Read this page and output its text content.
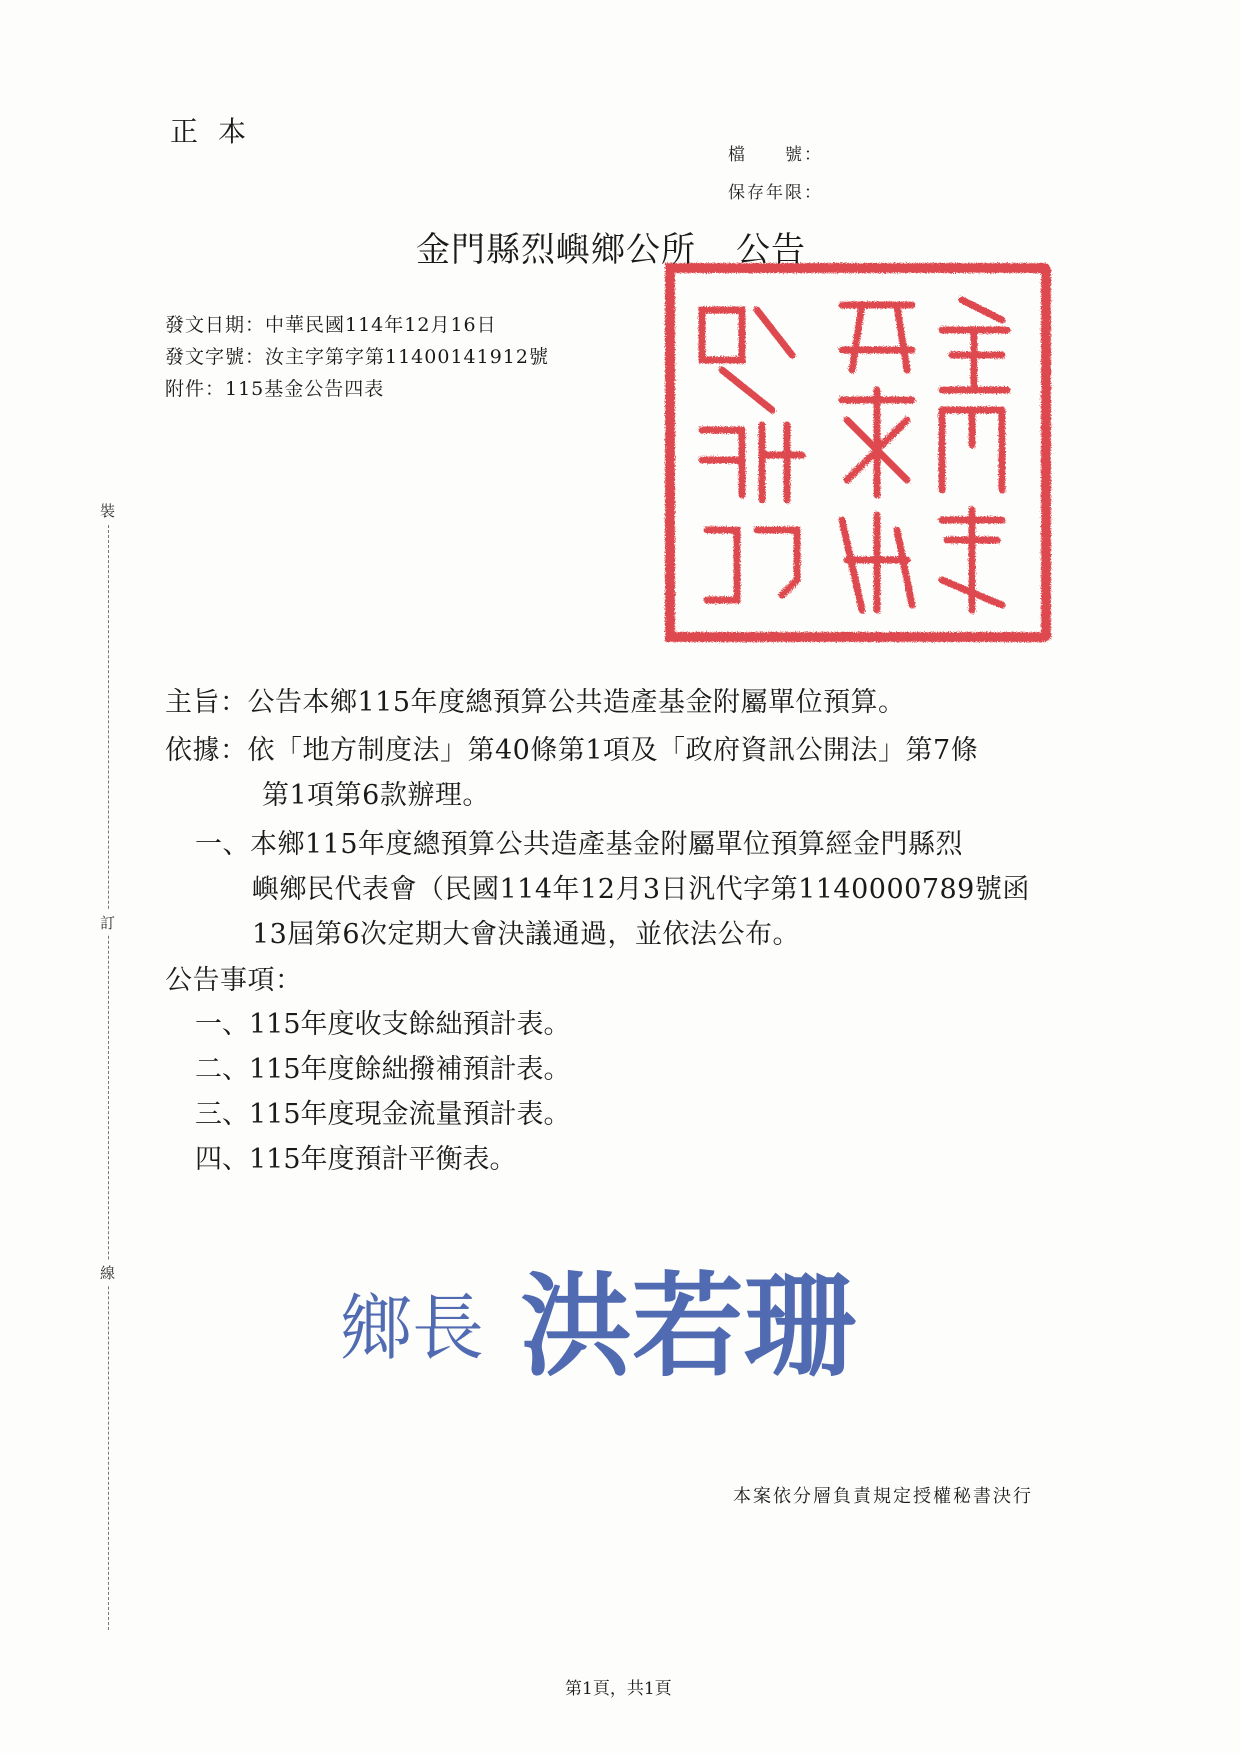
裝
訂
線
正本
檔　　號：
保存年限：
金門縣烈嶼鄉公所 公告
發文日期：中華民國114年12月16日
發文字號：汝主字第字第11400141912號
附件：115基金公告四表
主旨：公告本鄉115年度總預算公共造產基金附屬單位預算。
依據：依「地方制度法」第40條第1項及「政府資訊公開法」第7條
第1項第6款辦理。
一、本鄉115年度總預算公共造產基金附屬單位預算經金門縣烈
嶼鄉民代表會（民國114年12月3日汎代字第1140000789號函
13屆第6次定期大會決議通過，並依法公布。
公告事項：
一、115年度收支餘絀預計表。
二、115年度餘絀撥補預計表。
三、115年度現金流量預計表。
四、115年度預計平衡表。
鄉長 洪若珊
本案依分層負責規定授權秘書決行
第1頁，共1頁
